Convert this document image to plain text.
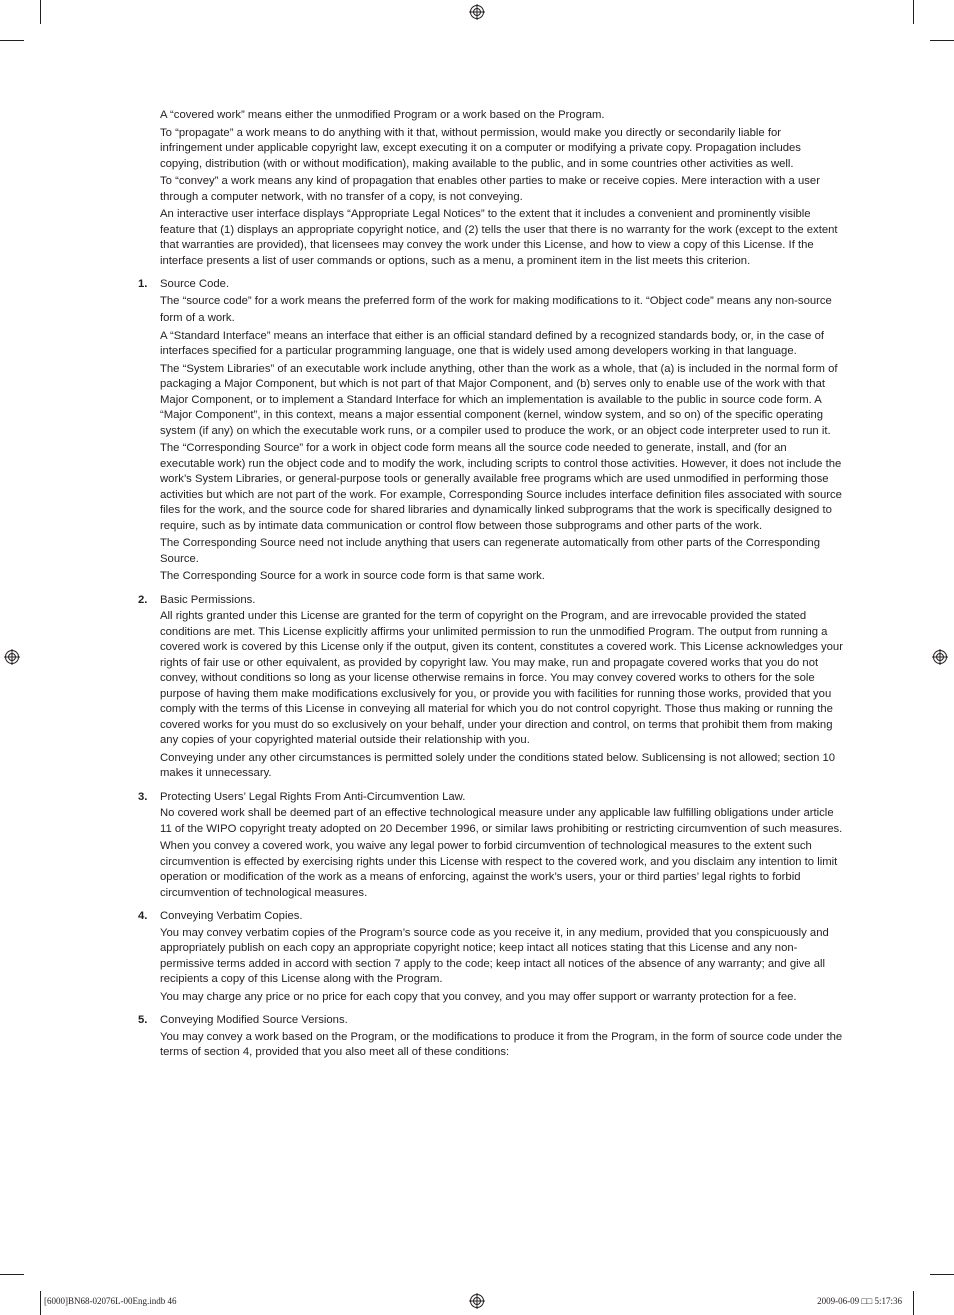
A “covered work” means either the unmodified Program or a work based on the Program.

To “propagate” a work means to do anything with it that, without permission, would make you directly or secondarily liable for infringement under applicable copyright law, except executing it on a computer or modifying a private copy. Propagation includes copying, distribution (with or without modification), making available to the public, and in some countries other activities as well.

To “convey” a work means any kind of propagation that enables other parties to make or receive copies. Mere interaction with a user through a computer network, with no transfer of a copy, is not conveying.

An interactive user interface displays “Appropriate Legal Notices” to the extent that it includes a convenient and prominently visible feature that (1) displays an appropriate copyright notice, and (2) tells the user that there is no warranty for the work (except to the extent that warranties are provided), that licensees may convey the work under this License, and how to view a copy of this License. If the interface presents a list of user commands or options, such as a menu, a prominent item in the list meets this criterion.

1. Source Code.

The “source code” for a work means the preferred form of the work for making modifications to it. “Object code” means any non-source

form of a work.

A “Standard Interface” means an interface that either is an official standard defined by a recognized standards body, or, in the case of interfaces specified for a particular programming language, one that is widely used among developers working in that language.

The “System Libraries” of an executable work include anything, other than the work as a whole, that (a) is included in the normal form of packaging a Major Component, but which is not part of that Major Component, and (b) serves only to enable use of the work with that Major Component, or to implement a Standard Interface for which an implementation is available to the public in source code form. A “Major Component”, in this context, means a major essential component (kernel, window system, and so on) of the specific operating system (if any) on which the executable work runs, or a compiler used to produce the work, or an object code interpreter used to run it.

The “Corresponding Source” for a work in object code form means all the source code needed to generate, install, and (for an executable work) run the object code and to modify the work, including scripts to control those activities. However, it does not include the work’s System Libraries, or general-purpose tools or generally available free programs which are used unmodified in performing those activities but which are not part of the work. For example, Corresponding Source includes interface definition files associated with source files for the work, and the source code for shared libraries and dynamically linked subprograms that the work is specifically designed to require, such as by intimate data communication or control flow between those subprograms and other parts of the work.

The Corresponding Source need not include anything that users can regenerate automatically from other parts of the Corresponding Source.

The Corresponding Source for a work in source code form is that same work.

2. Basic Permissions.

All rights granted under this License are granted for the term of copyright on the Program, and are irrevocable provided the stated conditions are met. This License explicitly affirms your unlimited permission to run the unmodified Program. The output from running a covered work is covered by this License only if the output, given its content, constitutes a covered work. This License acknowledges your rights of fair use or other equivalent, as provided by copyright law. You may make, run and propagate covered works that you do not convey, without conditions so long as your license otherwise remains in force. You may convey covered works to others for the sole purpose of having them make modifications exclusively for you, or provide you with facilities for running those works, provided that you comply with the terms of this License in conveying all material for which you do not control copyright. Those thus making or running the covered works for you must do so exclusively on your behalf, under your direction and control, on terms that prohibit them from making any copies of your copyrighted material outside their relationship with you.

Conveying under any other circumstances is permitted solely under the conditions stated below. Sublicensing is not allowed; section 10 makes it unnecessary.

3. Protecting Users’ Legal Rights From Anti-Circumvention Law.

No covered work shall be deemed part of an effective technological measure under any applicable law fulfilling obligations under article 11 of the WIPO copyright treaty adopted on 20 December 1996, or similar laws prohibiting or restricting circumvention of such measures.

When you convey a covered work, you waive any legal power to forbid circumvention of technological measures to the extent such circumvention is effected by exercising rights under this License with respect to the covered work, and you disclaim any intention to limit operation or modification of the work as a means of enforcing, against the work’s users, your or third parties’ legal rights to forbid circumvention of technological measures.

4. Conveying Verbatim Copies.

You may convey verbatim copies of the Program’s source code as you receive it, in any medium, provided that you conspicuously and appropriately publish on each copy an appropriate copyright notice; keep intact all notices stating that this License and any non-permissive terms added in accord with section 7 apply to the code; keep intact all notices of the absence of any warranty; and give all recipients a copy of this License along with the Program.

You may charge any price or no price for each copy that you convey, and you may offer support or warranty protection for a fee.

5. Conveying Modified Source Versions.

You may convey a work based on the Program, or the modifications to produce it from the Program, in the form of source code under the terms of section 4, provided that you also meet all of these conditions:

[6000]BN68-02076L-00Eng.indb 46	2009-06-09 □□ 5:17:36
